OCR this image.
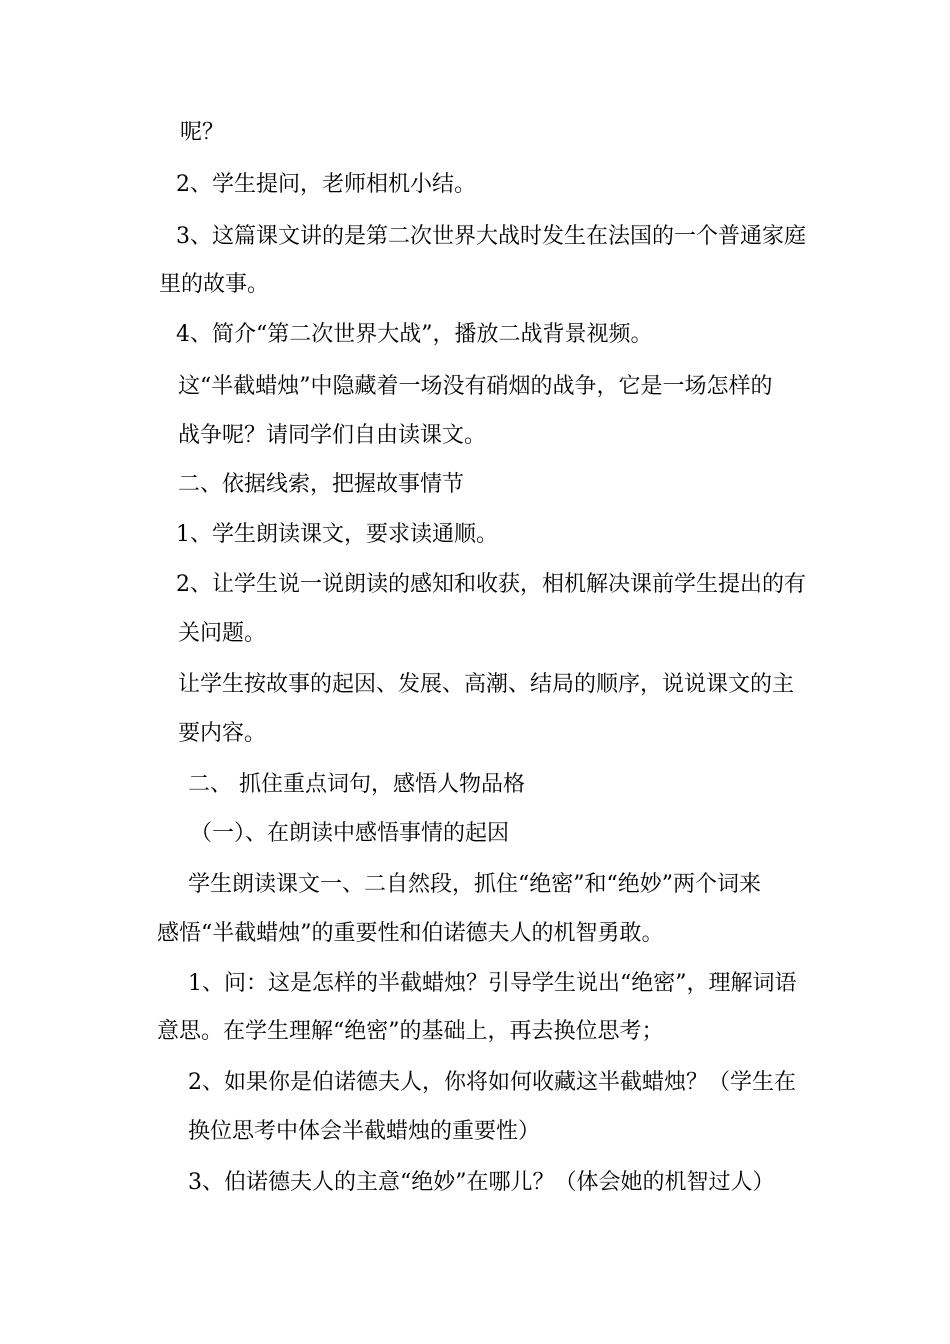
呢？
2、学生提问，老师相机小结。
3、这篇课文讲的是第二次世界大战时发生在法国的一个普通家庭
里的故事。
4、简介“第二次世界大战”，播放二战背景视频。
这“半截蜡烛”中隐藏着一场没有硝烟的战争，它是一场怎样的
战争呢？请同学们自由读课文。
二、依据线索，把握故事情节
1、学生朗读课文，要求读通顺。
2、让学生说一说朗读的感知和收获，相机解决课前学生提出的有
关问题。
让学生按故事的起因、发展、高潮、结局的顺序，说说课文的主
要内容。
二、 抓住重点词句，感悟人物品格
（一）、在朗读中感悟事情的起因
学生朗读课文一、二自然段，抓住“绝密”和“绝妙”两个词来
感悟“半截蜡烛”的重要性和伯诺德夫人的机智勇敢。
1、问：这是怎样的半截蜡烛？引导学生说出“绝密”，理解词语
意思。在学生理解“绝密”的基础上，再去换位思考；
2、如果你是伯诺德夫人，你将如何收藏这半截蜡烛？（学生在
换位思考中体会半截蜡烛的重要性）
3、伯诺德夫人的主意“绝妙”在哪儿？（体会她的机智过人）
